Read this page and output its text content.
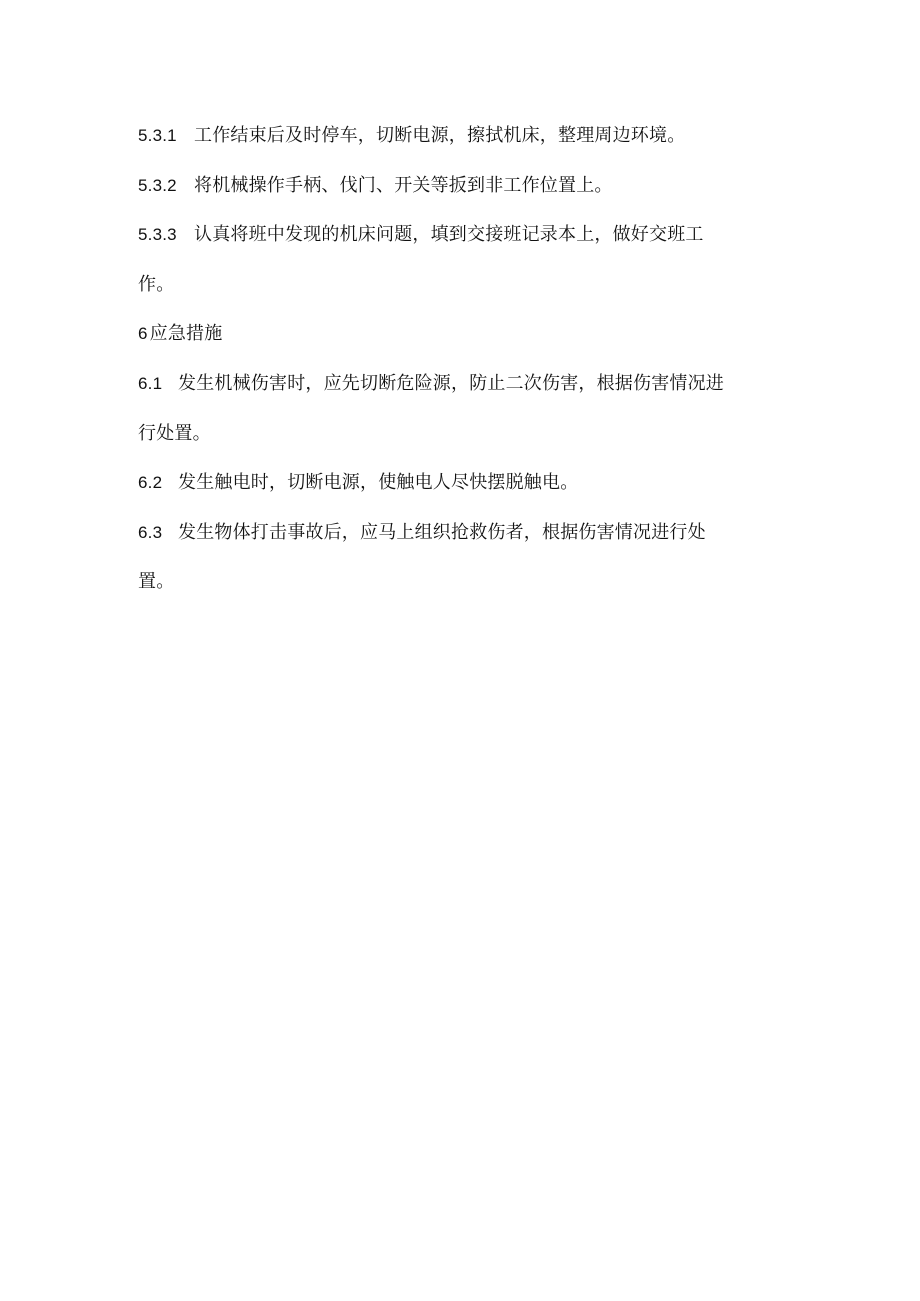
5.3.1 工作结束后及时停车，切断电源，擦拭机床，整理周边环境。
5.3.2 将机械操作手柄、伐门、开关等扳到非工作位置上。
5.3.3 认真将班中发现的机床问题，填到交接班记录本上，做好交班工
作。
6 应急措施
6.1 发生机械伤害时，应先切断危险源，防止二次伤害，根据伤害情况进
行处置。
6.2 发生触电时，切断电源，使触电人尽快摆脱触电。
6.3 发生物体打击事故后，应马上组织抢救伤者，根据伤害情况进行处
置。
